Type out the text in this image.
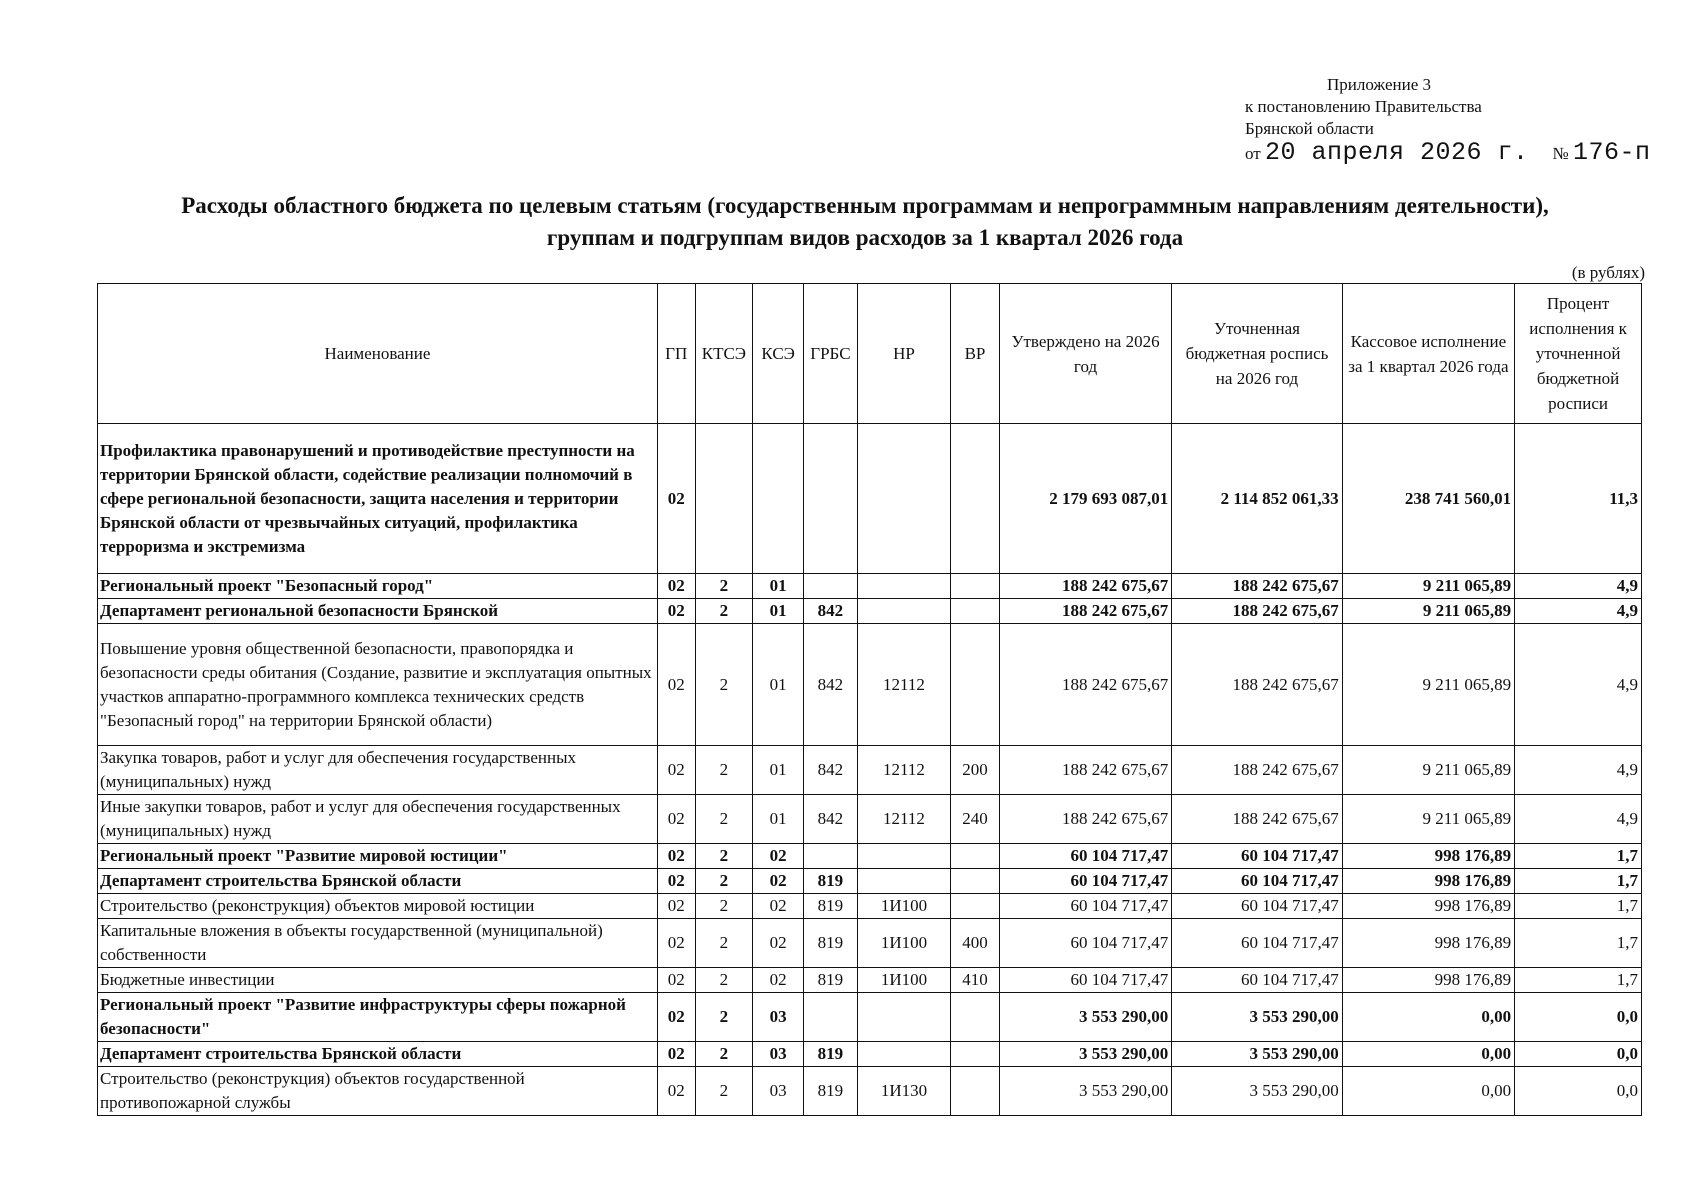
Приложение 3
к постановлению Правительства
Брянской области
от 20 апреля 2026 г. № 176-п
Расходы областного бюджета по целевым статьям (государственным программам и непрограммным направлениям деятельности),
группам и подгруппам видов расходов за 1 квартал 2026 года
(в рублях)
Наименование	ГП	КТСЭ	КСЭ	ГРБС	НР	ВР	Утверждено на 2026 год	Уточненная бюджетная роспись на 2026 год	Кассовое исполнение за 1 квартал 2026 года	Процент исполнения к уточненной бюджетной росписи
Профилактика правонарушений и противодействие преступности на территории Брянской области, содействие реализации полномочий в сфере региональной безопасности, защита населения и территории Брянской области от чрезвычайных ситуаций, профилактика терроризма и экстремизма	02						2 179 693 087,01	2 114 852 061,33	238 741 560,01	11,3
Региональный проект "Безопасный город"	02	2	01				188 242 675,67	188 242 675,67	9 211 065,89	4,9
Департамент региональной безопасности Брянской	02	2	01	842			188 242 675,67	188 242 675,67	9 211 065,89	4,9
Повышение уровня общественной безопасности, правопорядка и безопасности среды обитания (Создание, развитие и эксплуатация опытных участков аппаратно-программного комплекса технических средств "Безопасный город" на территории Брянской области)	02	2	01	842	12112		188 242 675,67	188 242 675,67	9 211 065,89	4,9
Закупка товаров, работ и услуг для обеспечения государственных (муниципальных) нужд	02	2	01	842	12112	200	188 242 675,67	188 242 675,67	9 211 065,89	4,9
Иные закупки товаров, работ и услуг для обеспечения государственных (муниципальных) нужд	02	2	01	842	12112	240	188 242 675,67	188 242 675,67	9 211 065,89	4,9
Региональный проект "Развитие мировой юстиции"	02	2	02				60 104 717,47	60 104 717,47	998 176,89	1,7
Департамент строительства Брянской области	02	2	02	819			60 104 717,47	60 104 717,47	998 176,89	1,7
Строительство (реконструкция) объектов мировой юстиции	02	2	02	819	1И100		60 104 717,47	60 104 717,47	998 176,89	1,7
Капитальные вложения в объекты государственной (муниципальной) собственности	02	2	02	819	1И100	400	60 104 717,47	60 104 717,47	998 176,89	1,7
Бюджетные инвестиции	02	2	02	819	1И100	410	60 104 717,47	60 104 717,47	998 176,89	1,7
Региональный проект "Развитие инфраструктуры сферы пожарной безопасности"	02	2	03				3 553 290,00	3 553 290,00	0,00	0,0
Департамент строительства Брянской области	02	2	03	819			3 553 290,00	3 553 290,00	0,00	0,0
Строительство (реконструкция) объектов государственной противопожарной службы	02	2	03	819	1И130		3 553 290,00	3 553 290,00	0,00	0,0
